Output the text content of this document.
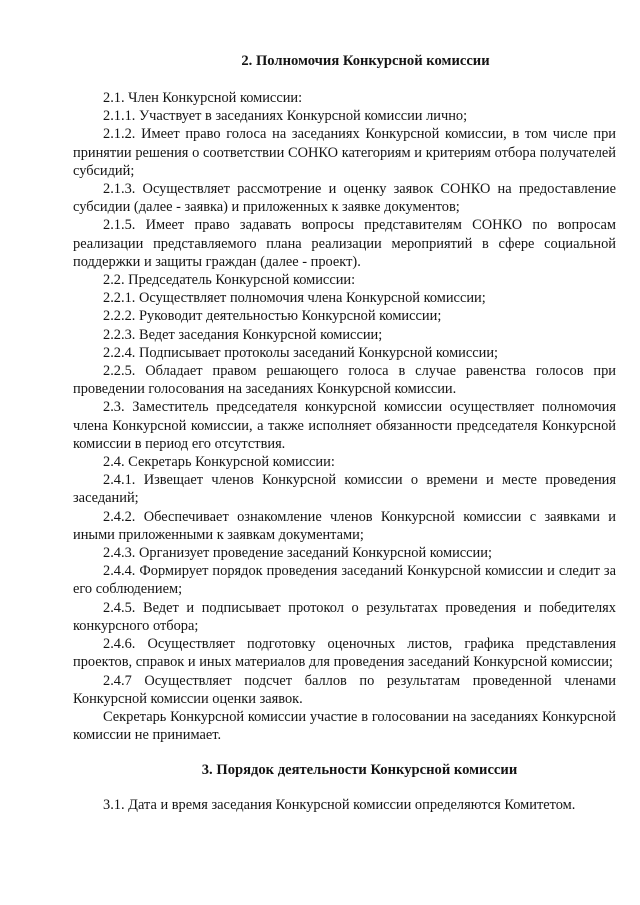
2. Полномочия Конкурсной комиссии

2.1. Член Конкурсной комиссии:

2.1.1. Участвует в заседаниях Конкурсной комиссии лично;

2.1.2. Имеет право голоса на заседаниях Конкурсной комиссии, в том числе при принятии решения о соответствии СОНКО категориям и критериям отбора получателей субсидий;

2.1.3. Осуществляет рассмотрение и оценку заявок СОНКО на предоставление субсидии (далее - заявка) и приложенных к заявке документов;

2.1.5. Имеет право задавать вопросы представителям СОНКО по вопросам реализации представляемого плана реализации мероприятий в сфере социальной поддержки и защиты граждан (далее - проект).

2.2. Председатель Конкурсной комиссии:

2.2.1. Осуществляет полномочия члена Конкурсной комиссии;

2.2.2. Руководит деятельностью Конкурсной комиссии;

2.2.3. Ведет заседания Конкурсной комиссии;

2.2.4. Подписывает протоколы заседаний Конкурсной комиссии;

2.2.5. Обладает правом решающего голоса в случае равенства голосов при проведении голосования на заседаниях Конкурсной комиссии.

2.3. Заместитель председателя конкурсной комиссии осуществляет полномочия члена Конкурсной комиссии, а также исполняет обязанности председателя Конкурсной комиссии в период его отсутствия.

2.4. Секретарь Конкурсной комиссии:

2.4.1. Извещает членов Конкурсной комиссии о времени и месте проведения заседаний;

2.4.2. Обеспечивает ознакомление членов Конкурсной комиссии с заявками и иными приложенными к заявкам документами;

2.4.3. Организует проведение заседаний Конкурсной комиссии;

2.4.4. Формирует порядок проведения заседаний Конкурсной комиссии и следит за его соблюдением;

2.4.5. Ведет и подписывает протокол о результатах проведения и победителях конкурсного отбора;

2.4.6. Осуществляет подготовку оценочных листов, графика представления проектов, справок и иных материалов для проведения заседаний Конкурсной комиссии;

2.4.7 Осуществляет подсчет баллов по результатам проведенной членами Конкурсной комиссии оценки заявок.

Секретарь Конкурсной комиссии участие в голосовании на заседаниях Конкурсной комиссии не принимает.

3. Порядок деятельности Конкурсной комиссии

3.1. Дата и время заседания Конкурсной комиссии определяются Комитетом.
